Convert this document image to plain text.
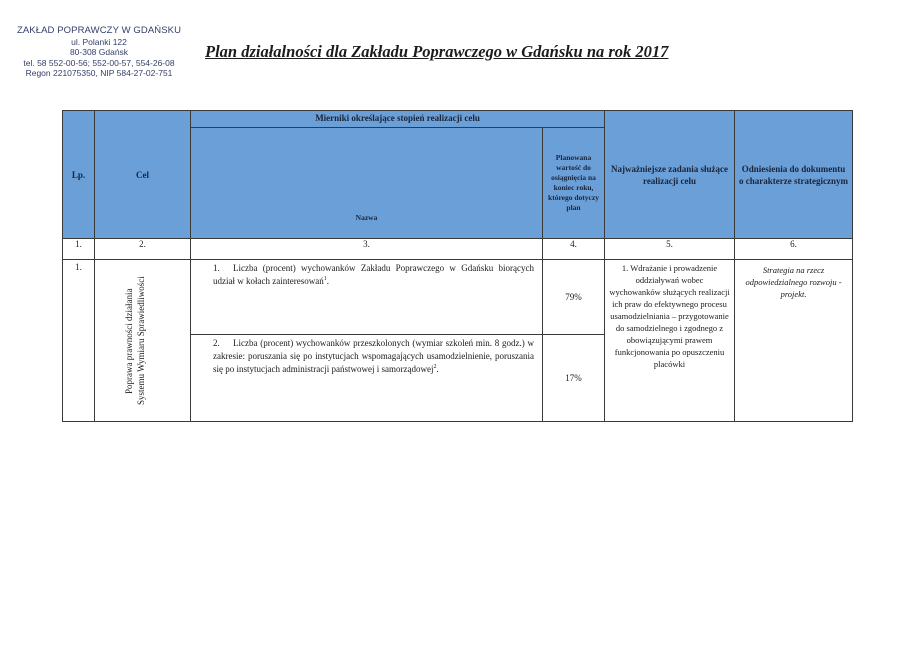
ZAKŁAD POPRAWCZY W GDAŃSKU
ul. Polanki 122
80-308 Gdańsk
tel. 58 552-00-56; 552-00-57, 554-26-08
Regon 221075350, NIP 584-27-02-751
Plan działalności dla Zakładu Poprawczego w Gdańsku na rok 2017
Lp.	Cel	Mierniki określające stopień realizacji celu		Najważniejsze zadania służące realizacji celu	Odniesienia do dokumentu o charakterze strategicznym
		Nazwa	Planowana wartość do osiągnięcia na koniec roku, którego dotyczy plan		
1.	2.	3.	4.	5.	6.
1.	Poprawa prawności działania Systemu Wymiaru Sprawiedliwości	1. Liczba (procent) wychowanków Zakładu Poprawczego w Gdańsku biorących udział w kołach zainteresowań$^1$.	79%	1. Wdrażanie i prowadzenie oddziaływań wobec wychowanków służących realizacji ich praw do efektywnego procesu usamodzielniania – przygotowanie do samodzielnego i zgodnego z obowiązującymi prawem funkcjonowania po opuszczeniu placówki	Strategia na rzecz odpowiedzialnego rozwoju - projekt.

		2. Liczba (procent) wychowanków przeszkolonych (wymiar szkoleń min. 8 godz.) w zakresie: poruszania się po instytucjach wspomagających usamodzielnienie, poruszania się po instytucjach administracji państwowej i samorządowej$^2$.	17%		
